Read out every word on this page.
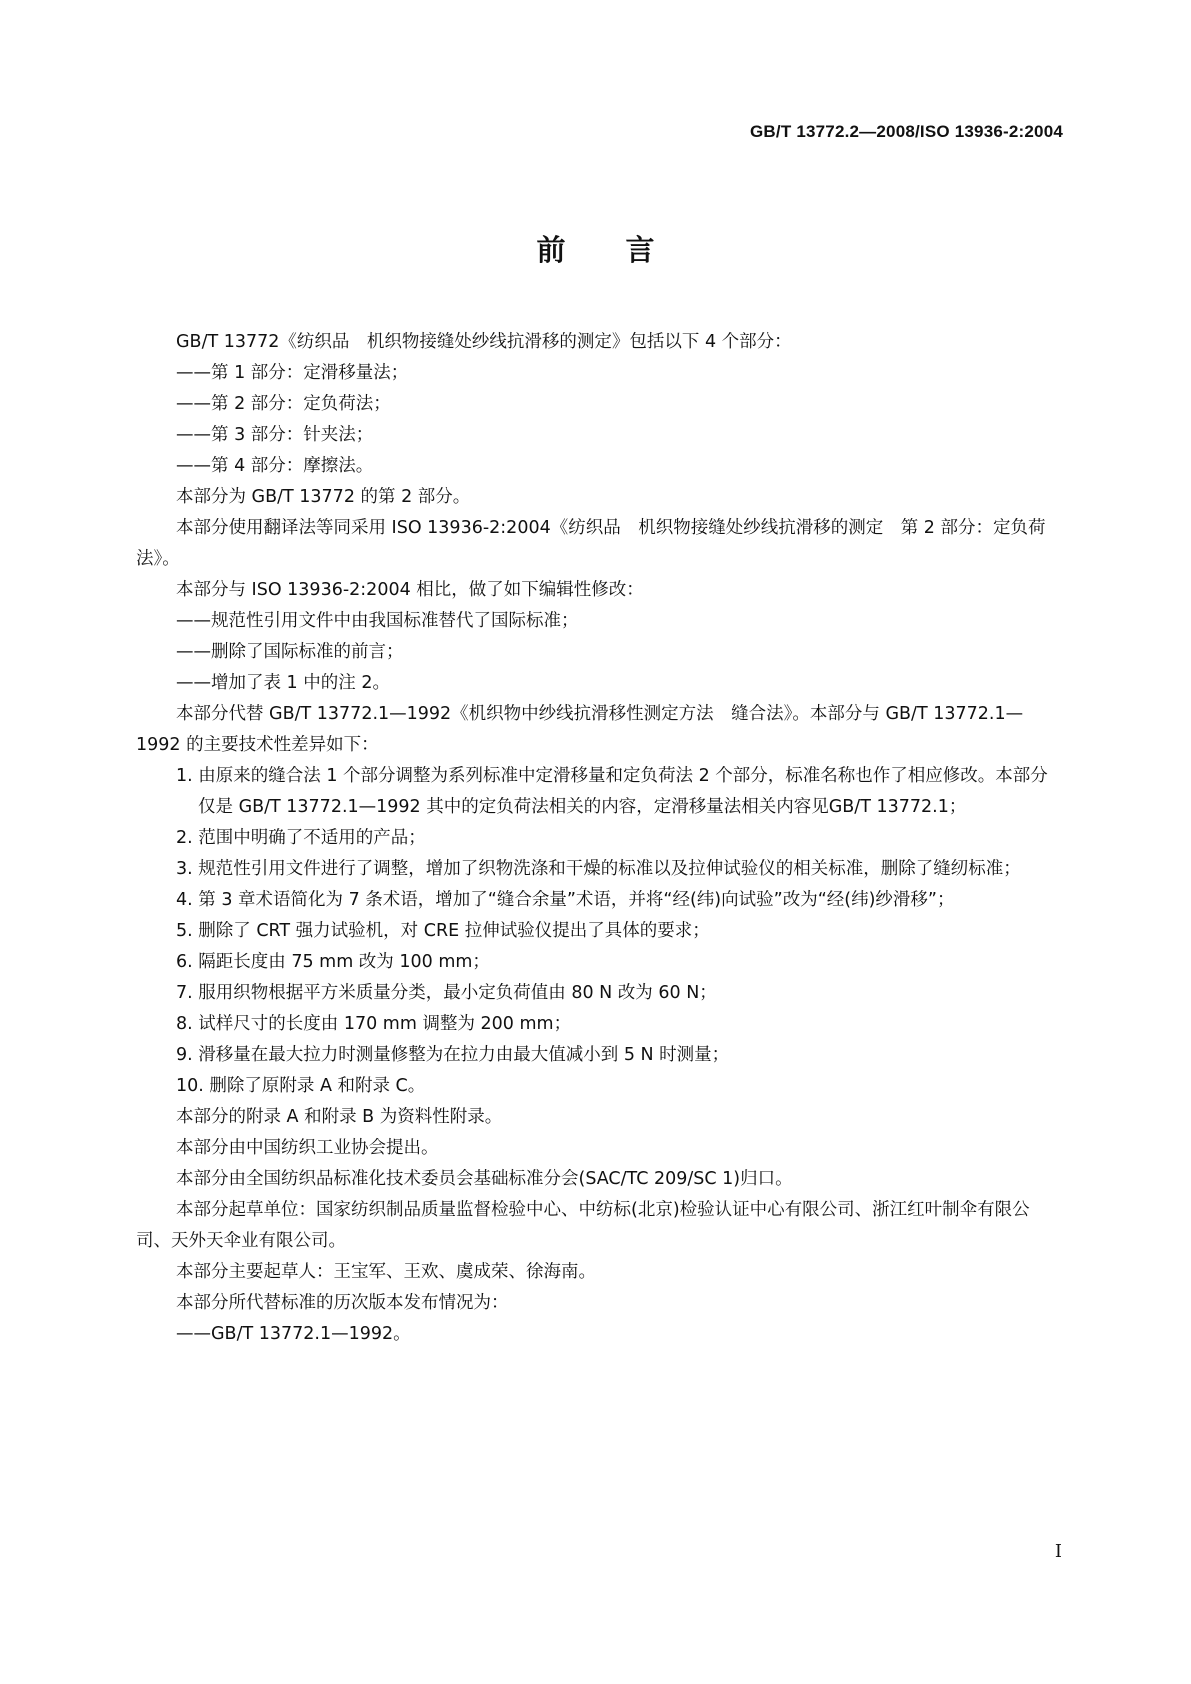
GB/T 13772.2—2008/ISO 13936-2:2004
前言

GB/T 13772《纺织品　机织物接缝处纱线抗滑移的测定》包括以下 4 个部分：

——第 1 部分：定滑移量法；

——第 2 部分：定负荷法；

——第 3 部分：针夹法；

——第 4 部分：摩擦法。

本部分为 GB/T 13772 的第 2 部分。

本部分使用翻译法等同采用 ISO 13936-2:2004《纺织品　机织物接缝处纱线抗滑移的测定　第 2 部分：定负荷法》。

本部分与 ISO 13936-2:2004 相比，做了如下编辑性修改：

——规范性引用文件中由我国标准替代了国际标准；

——删除了国际标准的前言；

——增加了表 1 中的注 2。

本部分代替 GB/T 13772.1—1992《机织物中纱线抗滑移性测定方法　缝合法》。本部分与 GB/T 13772.1—1992 的主要技术性差异如下：

1. 由原来的缝合法 1 个部分调整为系列标准中定滑移量和定负荷法 2 个部分，标准名称也作了相应修改。本部分仅是 GB/T 13772.1—1992 其中的定负荷法相关的内容，定滑移量法相关内容见GB/T 13772.1；

2. 范围中明确了不适用的产品；

3. 规范性引用文件进行了调整，增加了织物洗涤和干燥的标准以及拉伸试验仪的相关标准，删除了缝纫标准；

4. 第 3 章术语简化为 7 条术语，增加了“缝合余量”术语，并将“经(纬)向试验”改为“经(纬)纱滑移”；

5. 删除了 CRT 强力试验机，对 CRE 拉伸试验仪提出了具体的要求；

6. 隔距长度由 75 mm 改为 100 mm；

7. 服用织物根据平方米质量分类，最小定负荷值由 80 N 改为 60 N；

8. 试样尺寸的长度由 170 mm 调整为 200 mm；

9. 滑移量在最大拉力时测量修整为在拉力由最大值减小到 5 N 时测量；

10. 删除了原附录 A 和附录 C。

本部分的附录 A 和附录 B 为资料性附录。

本部分由中国纺织工业协会提出。

本部分由全国纺织品标准化技术委员会基础标准分会(SAC/TC 209/SC 1)归口。

本部分起草单位：国家纺织制品质量监督检验中心、中纺标(北京)检验认证中心有限公司、浙江红叶制伞有限公司、天外天伞业有限公司。

本部分主要起草人：王宝军、王欢、虞成荣、徐海南。

本部分所代替标准的历次版本发布情况为：

——GB/T 13772.1—1992。

I
